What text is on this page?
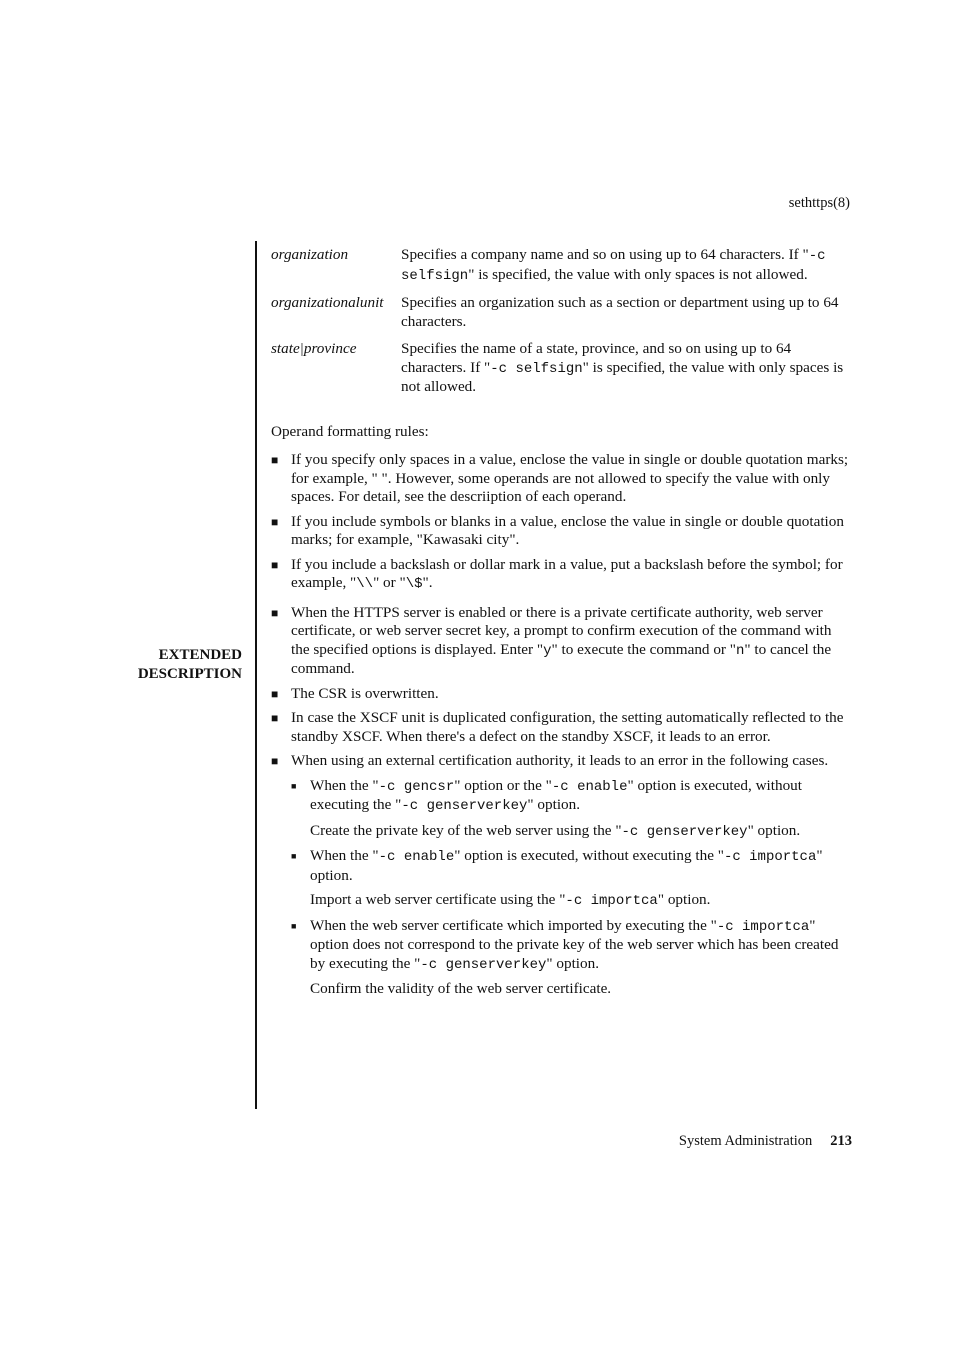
sethttps(8)
EXTENDED DESCRIPTION
organization	Specifies a company name and so on using up to 64 characters. If "-c selfsign" is specified, the value with only spaces is not allowed.
organizationalunit	Specifies an organization such as a section or department using up to 64 characters.
state|province	Specifies the name of a state, province, and so on using up to 64 characters. If "-c selfsign" is specified, the value with only spaces is not allowed.

Operand formatting rules:

■ If you specify only spaces in a value, enclose the value in single or double quotation marks; for example, " ". However, some operands are not allowed to specify the value with only spaces. For detail, see the descriiption of each operand.
■ If you include symbols or blanks in a value, enclose the value in single or double quotation marks; for example, "Kawasaki city".
■ If you include a backslash or dollar mark in a value, put a backslash before the symbol; for example, "\\" or "\$".
■ When the HTTPS server is enabled or there is a private certificate authority, web server certificate, or web server secret key, a prompt to confirm execution of the command with the specified options is displayed. Enter "y" to execute the command or "n" to cancel the command.
■ The CSR is overwritten.
■ In case the XSCF unit is duplicated configuration, the setting automatically reflected to the standby XSCF. When there's a defect on the standby XSCF, it leads to an error.
■ When using an external certification authority, it leads to an error in the following cases.
■ When the "-c gencsr" option or the "-c enable" option is executed, without executing the "-c genserverkey" option.
Create the private key of the web server using the "-c genserverkey" option.
■ When the "-c enable" option is executed, without executing the "-c importca" option.
Import a web server certificate using the "-c importca" option.
■ When the web server certificate which imported by executing the "-c importca" option does not correspond to the private key of the web server which has been created by executing the "-c genserverkey" option.
Confirm the validity of the web server certificate.
System Administration 213
